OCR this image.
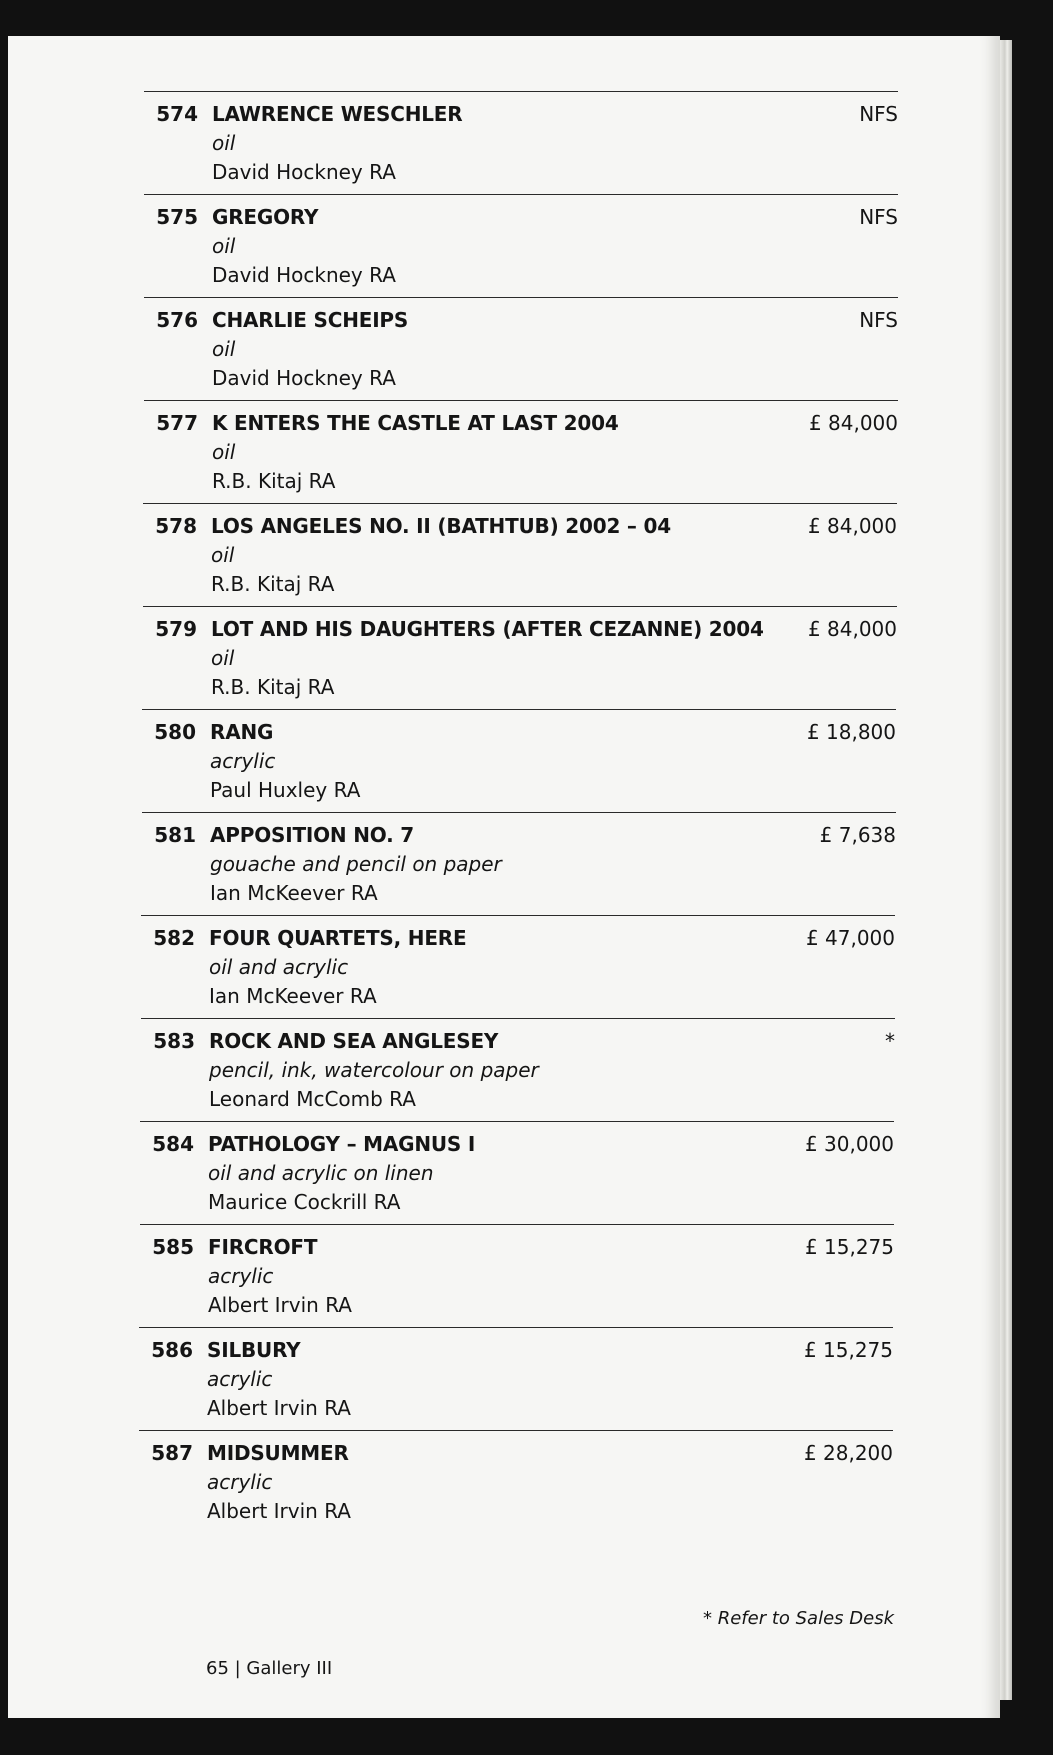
574 LAWRENCE WESCHLER
oil
David Hockney RA
NFS
575 GREGORY
oil
David Hockney RA
NFS
576 CHARLIE SCHEIPS
oil
David Hockney RA
NFS
577 K ENTERS THE CASTLE AT LAST 2004
oil
R.B. Kitaj RA
£ 84,000
578 LOS ANGELES NO. II (BATHTUB) 2002 – 04
oil
R.B. Kitaj RA
£ 84,000
579 LOT AND HIS DAUGHTERS (AFTER CEZANNE) 2004
oil
R.B. Kitaj RA
£ 84,000
580 RANG
acrylic
Paul Huxley RA
£ 18,800
581 APPOSITION NO. 7
gouache and pencil on paper
Ian McKeever RA
£ 7,638
582 FOUR QUARTETS, HERE
oil and acrylic
Ian McKeever RA
£ 47,000
583 ROCK AND SEA ANGLESEY
pencil, ink, watercolour on paper
Leonard McComb RA
*
584 PATHOLOGY – MAGNUS I
oil and acrylic on linen
Maurice Cockrill RA
£ 30,000
585 FIRCROFT
acrylic
Albert Irvin RA
£ 15,275
586 SILBURY
acrylic
Albert Irvin RA
£ 15,275
587 MIDSUMMER
acrylic
Albert Irvin RA
£ 28,200
* Refer to Sales Desk
65 | Gallery III
